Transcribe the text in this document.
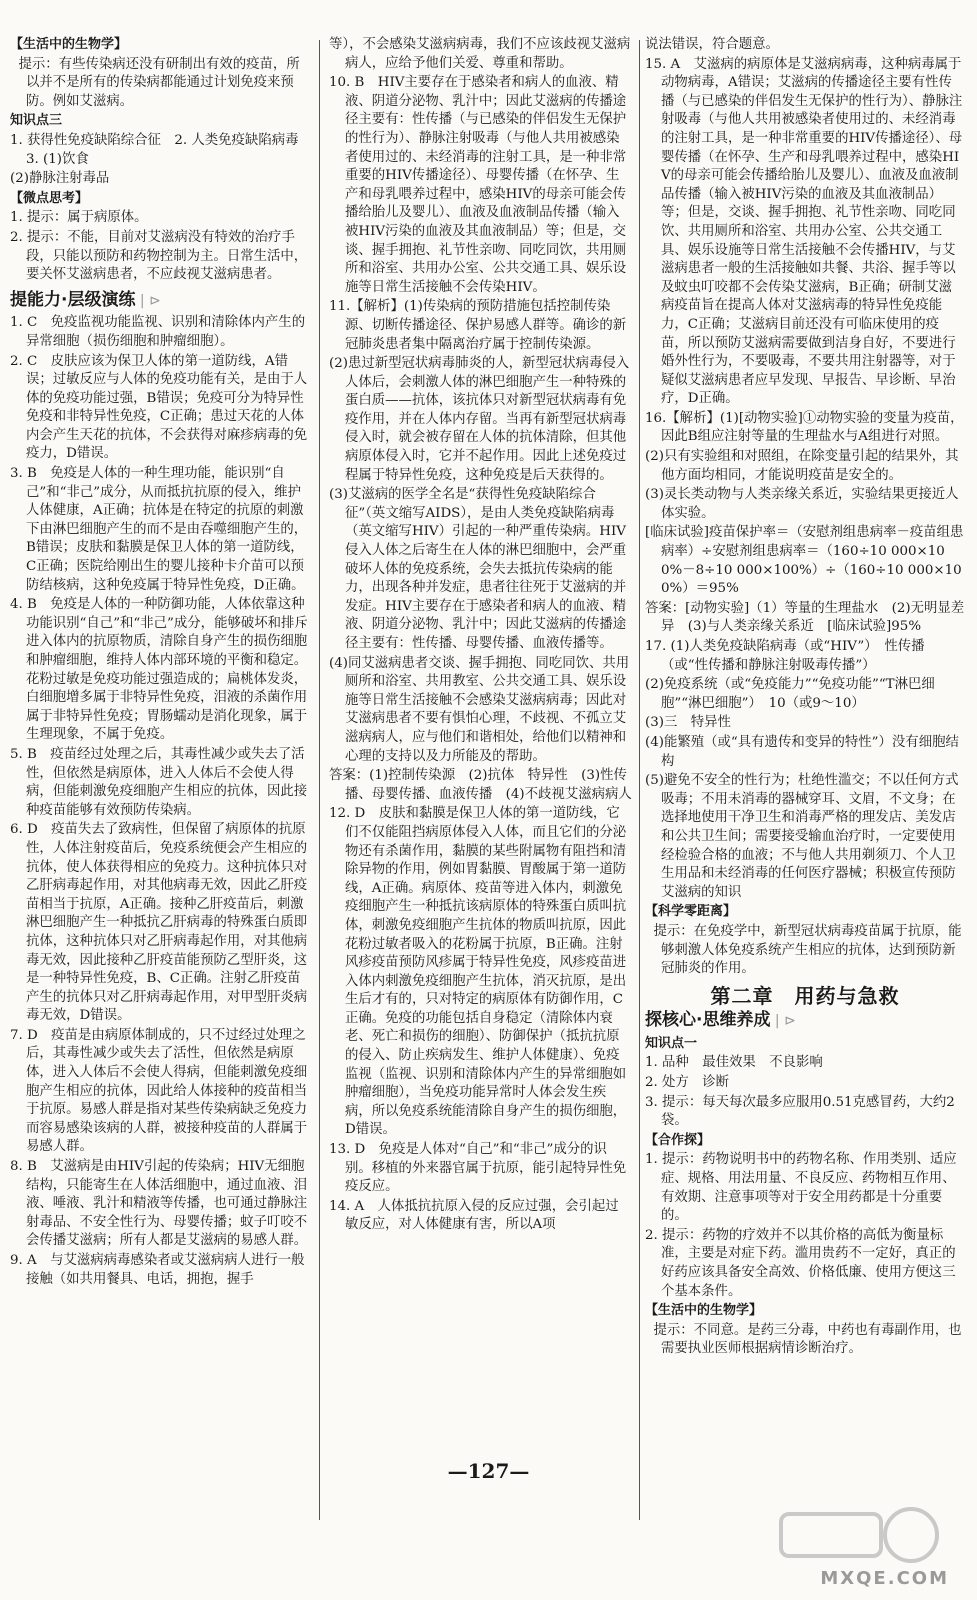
【生活中的生物学】
提示：有些传染病还没有研制出有效的疫苗，所以并不是所有的传染病都能通过计划免疫来预防。例如艾滋病。
知识点三
1. 获得性免疫缺陷综合征　2. 人类免疫缺陷病毒　3. (1)饮食
(2)静脉注射毒品
【微点思考】
1. 提示：属于病原体。
2. 提示：不能，目前对艾滋病没有特效的治疗手段，只能以预防和药物控制为主。日常生活中，要关怀艾滋病患者，不应歧视艾滋病患者。
提能力·层级演练 | ⊳
1. C　免疫监视功能监视、识别和清除体内产生的异常细胞（损伤细胞和肿瘤细胞）。
2. C　皮肤应该为保卫人体的第一道防线，A错误；过敏反应与人体的免疫功能有关，是由于人体的免疫功能过强，B错误；免疫可分为特异性免疫和非特异性免疫，C正确；患过天花的人体内会产生天花的抗体，不会获得对麻疹病毒的免疫力，D错误。
3. B　免疫是人体的一种生理功能，能识别“自己”和“非己”成分，从而抵抗抗原的侵入，维护人体健康，A正确；抗体是在特定的抗原的刺激下由淋巴细胞产生的而不是由吞噬细胞产生的，B错误；皮肤和黏膜是保卫人体的第一道防线，C正确；医院给刚出生的婴儿接种卡介苗可以预防结核病，这种免疫属于特异性免疫，D正确。
4. B　免疫是人体的一种防御功能，人体依靠这种功能识别“自己”和“非己”成分，能够破坏和排斥进入体内的抗原物质，清除自身产生的损伤细胞和肿瘤细胞，维持人体内部环境的平衡和稳定。花粉过敏是免疫功能过强造成的；扁桃体发炎，白细胞增多属于非特异性免疫，泪液的杀菌作用属于非特异性免疫；胃肠蠕动是消化现象，属于生理现象，不属于免疫。
5. B　疫苗经过处理之后，其毒性减少或失去了活性，但依然是病原体，进入人体后不会使人得病，但能刺激免疫细胞产生相应的抗体，因此接种疫苗能够有效预防传染病。
6. D　疫苗失去了致病性，但保留了病原体的抗原性，人体注射疫苗后，免疫系统便会产生相应的抗体，使人体获得相应的免疫力。这种抗体只对乙肝病毒起作用，对其他病毒无效，因此乙肝疫苗相当于抗原，A正确。接种乙肝疫苗后，刺激淋巴细胞产生一种抵抗乙肝病毒的特殊蛋白质即抗体，这种抗体只对乙肝病毒起作用，对其他病毒无效，因此接种乙肝疫苗能预防乙型肝炎，这是一种特异性免疫，B、C正确。注射乙肝疫苗产生的抗体只对乙肝病毒起作用，对甲型肝炎病毒无效，D错误。
7. D　疫苗是由病原体制成的，只不过经过处理之后，其毒性减少或失去了活性，但依然是病原体，进入人体后不会使人得病，但能刺激免疫细胞产生相应的抗体，因此给人体接种的疫苗相当于抗原。易感人群是指对某些传染病缺乏免疫力而容易感染该病的人群，被接种疫苗的人群属于易感人群。
8. B　艾滋病是由HIV引起的传染病；HIV无细胞结构，只能寄生在人体活细胞中，通过血液、泪液、唾液、乳汁和精液等传播，也可通过静脉注射毒品、不安全性行为、母婴传播；蚊子叮咬不会传播艾滋病；所有人都是艾滋病的易感人群。
9. A　与艾滋病病毒感染者或艾滋病病人进行一般接触（如共用餐具、电话，拥抱，握手
等），不会感染艾滋病病毒，我们不应该歧视艾滋病病人，应给予他们关爱、尊重和帮助。
10. B　HIV主要存在于感染者和病人的血液、精液、阴道分泌物、乳汁中；因此艾滋病的传播途径主要有：性传播（与已感染的伴侣发生无保护的性行为）、静脉注射吸毒（与他人共用被感染者使用过的、未经消毒的注射工具，是一种非常重要的HIV传播途径）、母婴传播（在怀孕、生产和母乳喂养过程中，感染HIV的母亲可能会传播给胎儿及婴儿）、血液及血液制品传播（输入被HIV污染的血液及其血液制品）等；但是，交谈、握手拥抱、礼节性亲吻、同吃同饮，共用厕所和浴室、共用办公室、公共交通工具、娱乐设施等日常生活接触不会传染HIV。
11.【解析】(1)传染病的预防措施包括控制传染源、切断传播途径、保护易感人群等。确诊的新冠肺炎患者集中隔离治疗属于控制传染源。
(2)患过新型冠状病毒肺炎的人，新型冠状病毒侵入人体后，会刺激人体的淋巴细胞产生一种特殊的蛋白质——抗体，该抗体只对新型冠状病毒有免疫作用，并在人体内存留。当再有新型冠状病毒侵入时，就会被存留在人体的抗体清除，但其他病原体侵入时，它并不起作用。因此上述免疫过程属于特异性免疫，这种免疫是后天获得的。
(3)艾滋病的医学全名是“获得性免疫缺陷综合征”（英文缩写AIDS），是由人类免疫缺陷病毒（英文缩写HIV）引起的一种严重传染病。HIV侵入人体之后寄生在人体的淋巴细胞中，会严重破坏人体的免疫系统，会失去抵抗传染病的能力，出现各种并发症，患者往往死于艾滋病的并发症。HIV主要存在于感染者和病人的血液、精液、阴道分泌物、乳汁中；因此艾滋病的传播途径主要有：性传播、母婴传播、血液传播等。
(4)同艾滋病患者交谈、握手拥抱、同吃同饮、共用厕所和浴室、共用教室、公共交通工具、娱乐设施等日常生活接触不会感染艾滋病病毒；因此对艾滋病患者不要有惧怕心理，不歧视、不孤立艾滋病病人，应与他们和谐相处，给他们以精神和心理的支持以及力所能及的帮助。
答案：(1)控制传染源　(2)抗体　特异性　(3)性传播、母婴传播、血液传播　(4)不歧视艾滋病病人
12. D　皮肤和黏膜是保卫人体的第一道防线，它们不仅能阻挡病原体侵入人体，而且它们的分泌物还有杀菌作用，黏膜的某些附属物有阻挡和清除异物的作用，例如胃黏膜、胃酸属于第一道防线，A正确。病原体、疫苗等进入体内，刺激免疫细胞产生一种抵抗该病原体的特殊蛋白质叫抗体，刺激免疫细胞产生抗体的物质叫抗原，因此花粉过敏者吸入的花粉属于抗原，B正确。注射风疹疫苗预防风疹属于特异性免疫，风疹疫苗进入体内刺激免疫细胞产生抗体，消灭抗原，是出生后才有的，只对特定的病原体有防御作用，C正确。免疫的功能包括自身稳定（清除体内衰老、死亡和损伤的细胞）、防御保护（抵抗抗原的侵入、防止疾病发生、维护人体健康）、免疫监视（监视、识别和清除体内产生的异常细胞如肿瘤细胞），当免疫功能异常时人体会发生疾病，所以免疫系统能清除自身产生的损伤细胞，D错误。
13. D　免疫是人体对“自己”和“非己”成分的识别。移植的外来器官属于抗原，能引起特异性免疫反应。
14. A　人体抵抗抗原入侵的反应过强，会引起过敏反应，对人体健康有害，所以A项
说法错误，符合题意。
15. A　艾滋病的病原体是艾滋病病毒，这种病毒属于动物病毒，A错误；艾滋病的传播途径主要有性传播（与已感染的伴侣发生无保护的性行为）、静脉注射吸毒（与他人共用被感染者使用过的、未经消毒的注射工具，是一种非常重要的HIV传播途径）、母婴传播（在怀孕、生产和母乳喂养过程中，感染HIV的母亲可能会传播给胎儿及婴儿）、血液及血液制品传播（输入被HIV污染的血液及其血液制品）等；但是，交谈、握手拥抱、礼节性亲吻、同吃同饮、共用厕所和浴室、共用办公室、公共交通工具、娱乐设施等日常生活接触不会传播HIV，与艾滋病患者一般的生活接触如共餐、共浴、握手等以及蚊虫叮咬都不会传染艾滋病，B正确；研制艾滋病疫苗旨在提高人体对艾滋病毒的特异性免疫能力，C正确；艾滋病目前还没有可临床使用的疫苗，所以预防艾滋病需要做到洁身自好，不要进行婚外性行为，不要吸毒，不要共用注射器等，对于疑似艾滋病患者应早发现、早报告、早诊断、早治疗，D正确。
16.【解析】(1)[动物实验]①动物实验的变量为疫苗，因此B组应注射等量的生理盐水与A组进行对照。
(2)只有实验组和对照组，在除变量引起的结果外，其他方面均相同，才能说明疫苗是安全的。
(3)灵长类动物与人类亲缘关系近，实验结果更接近人体实验。
[临床试验]疫苗保护率＝（安慰剂组患病率－疫苗组患病率）÷安慰剂组患病率＝（160÷10 000×100%－8÷10 000×100%）÷（160÷10 000×100%）＝95%
答案：[动物实验]（1）等量的生理盐水　(2)无明显差异　(3)与人类亲缘关系近　[临床试验]95%
17. (1)人类免疫缺陷病毒（或“HIV”）　性传播（或“性传播和静脉注射吸毒传播”）
(2)免疫系统（或“免疫能力”“免疫功能”“T淋巴细胞”“淋巴细胞”）　10（或9～10）
(3)三　特异性
(4)能繁殖（或“具有遗传和变异的特性”）没有细胞结构
(5)避免不安全的性行为；杜绝性滥交；不以任何方式吸毒；不用未消毒的器械穿耳、文眉，不文身；在选择地使用干净卫生和消毒严格的理发店、美发店和公共卫生间；需要接受输血治疗时，一定要使用经检验合格的血液；不与他人共用剃须刀、个人卫生用品和未经消毒的任何医疗器械；积极宣传预防艾滋病的知识
【科学零距离】
提示：在免疫学中，新型冠状病毒疫苗属于抗原，能够刺激人体免疫系统产生相应的抗体，达到预防新冠肺炎的作用。
第二章　用药与急救
探核心·思维养成 | ⊳
知识点一
1. 品种　最佳效果　不良影响
2. 处方　诊断
3. 提示：每天每次最多应服用0.51克感冒药，大约2袋。
【合作探】
1. 提示：药物说明书中的药物名称、作用类别、适应症、规格、用法用量、不良反应、药物相互作用、有效期、注意事项等对于安全用药都是十分重要的。
2. 提示：药物的疗效并不以其价格的高低为衡量标准，主要是对症下药。滥用贵药不一定好，真正的好药应该具备安全高效、价格低廉、使用方便这三个基本条件。
【生活中的生物学】
提示：不同意。是药三分毒，中药也有毒副作用，也需要执业医师根据病情诊断治疗。
—127—
MXQE.COM
